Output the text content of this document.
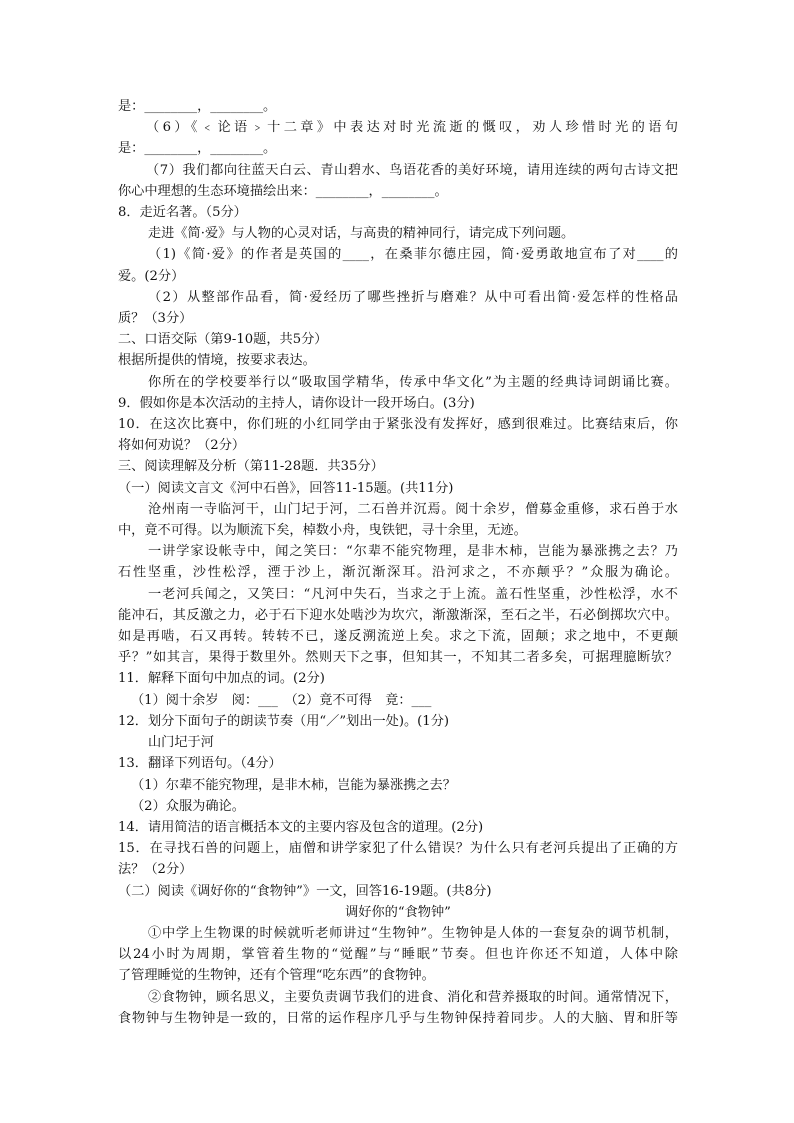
是：________，________。
（6）《﹤论语﹥十二章》中表达对时光流逝的慨叹，劝人珍惜时光的语句
是：________，________。
（7）我们都向往蓝天白云、青山碧水、鸟语花香的美好环境，请用连续的两句古诗文把
你心中理想的生态环境描绘出来：________，________。
8．走近名著。（5分）
走进《简·爱》与人物的心灵对话，与高贵的精神同行，请完成下列问题。
（1)《简·爱》的作者是英国的____，在桑菲尔德庄园，简·爱勇敢地宣布了对____的
爱。(2分）
（2）从整部作品看，简·爱经历了哪些挫折与磨难？从中可看出简·爱怎样的性格品
质？（3分）
二、口语交际（第9-10题，共5分）
根据所提供的情境，按要求表达。
你所在的学校要举行以“吸取国学精华，传承中华文化”为主题的经典诗词朗诵比赛。
9．假如你是本次活动的主持人，请你设计一段开场白。(3分)
10．在这次比赛中，你们班的小红同学由于紧张没有发挥好，感到很难过。比赛结束后，你
将如何劝说？（2分）
三、阅读理解及分析（第11-28题．共35分）
（一）阅读文言文《河中石兽》，回答11-15题。(共11分)
沧州南一寺临河干，山门圮于河，二石兽并沉焉。阅十余岁，僧募金重修，求石兽于水
中，竟不可得。以为顺流下矣，棹数小舟，曳铁钯，寻十余里，无迹。
一讲学家设帐寺中，闻之笑曰：“尔辈不能究物理，是非木柿，岂能为暴涨携之去？乃
石性坚重，沙性松浮，湮于沙上，渐沉渐深耳。沿河求之，不亦颠乎？”众服为确论。
一老河兵闻之，又笑曰：“凡河中失石，当求之于上流。盖石性坚重，沙性松浮，水不
能冲石，其反激之力，必于石下迎水处啮沙为坎穴，渐激渐深，至石之半，石必倒掷坎穴中。
如是再啮，石又再转。转转不已，遂反溯流逆上矣。求之下流，固颠；求之地中，不更颠
乎？”如其言，果得于数里外。然则天下之事，但知其一，不知其二者多矣，可据理臆断欤？
11．解释下面句中加点的词。(2分)
（1）阅十余岁　阅：___　（2）竟不可得　竟：___
12．划分下面句子的朗读节奏（用“／”划出一处)。(1分)
山门圮于河
13．翻译下列语句。（4分）
（1）尔辈不能究物理，是非木柿，岂能为暴涨携之去？
（2）众服为确论。
14．请用简洁的语言概括本文的主要内容及包含的道理。(2分)
15．在寻找石兽的问题上，庙僧和讲学家犯了什么错误？为什么只有老河兵提出了正确的方
法？（2分）
（二）阅读《调好你的“食物钟”》一文，回答16-19题。(共8分)
调好你的“食物钟”
①中学上生物课的时候就听老师讲过“生物钟”。生物钟是人体的一套复杂的调节机制，
以24小时为周期，掌管着生物的“觉醒”与“睡眠”节奏。但也许你还不知道，人体中除
了管理睡觉的生物钟，还有个管理“吃东西”的食物钟。
②食物钟，顾名思义，主要负责调节我们的进食、消化和营养摄取的时间。通常情况下，
食物钟与生物钟是一致的，日常的运作程序几乎与生物钟保持着同步。人的大脑、胃和肝等
